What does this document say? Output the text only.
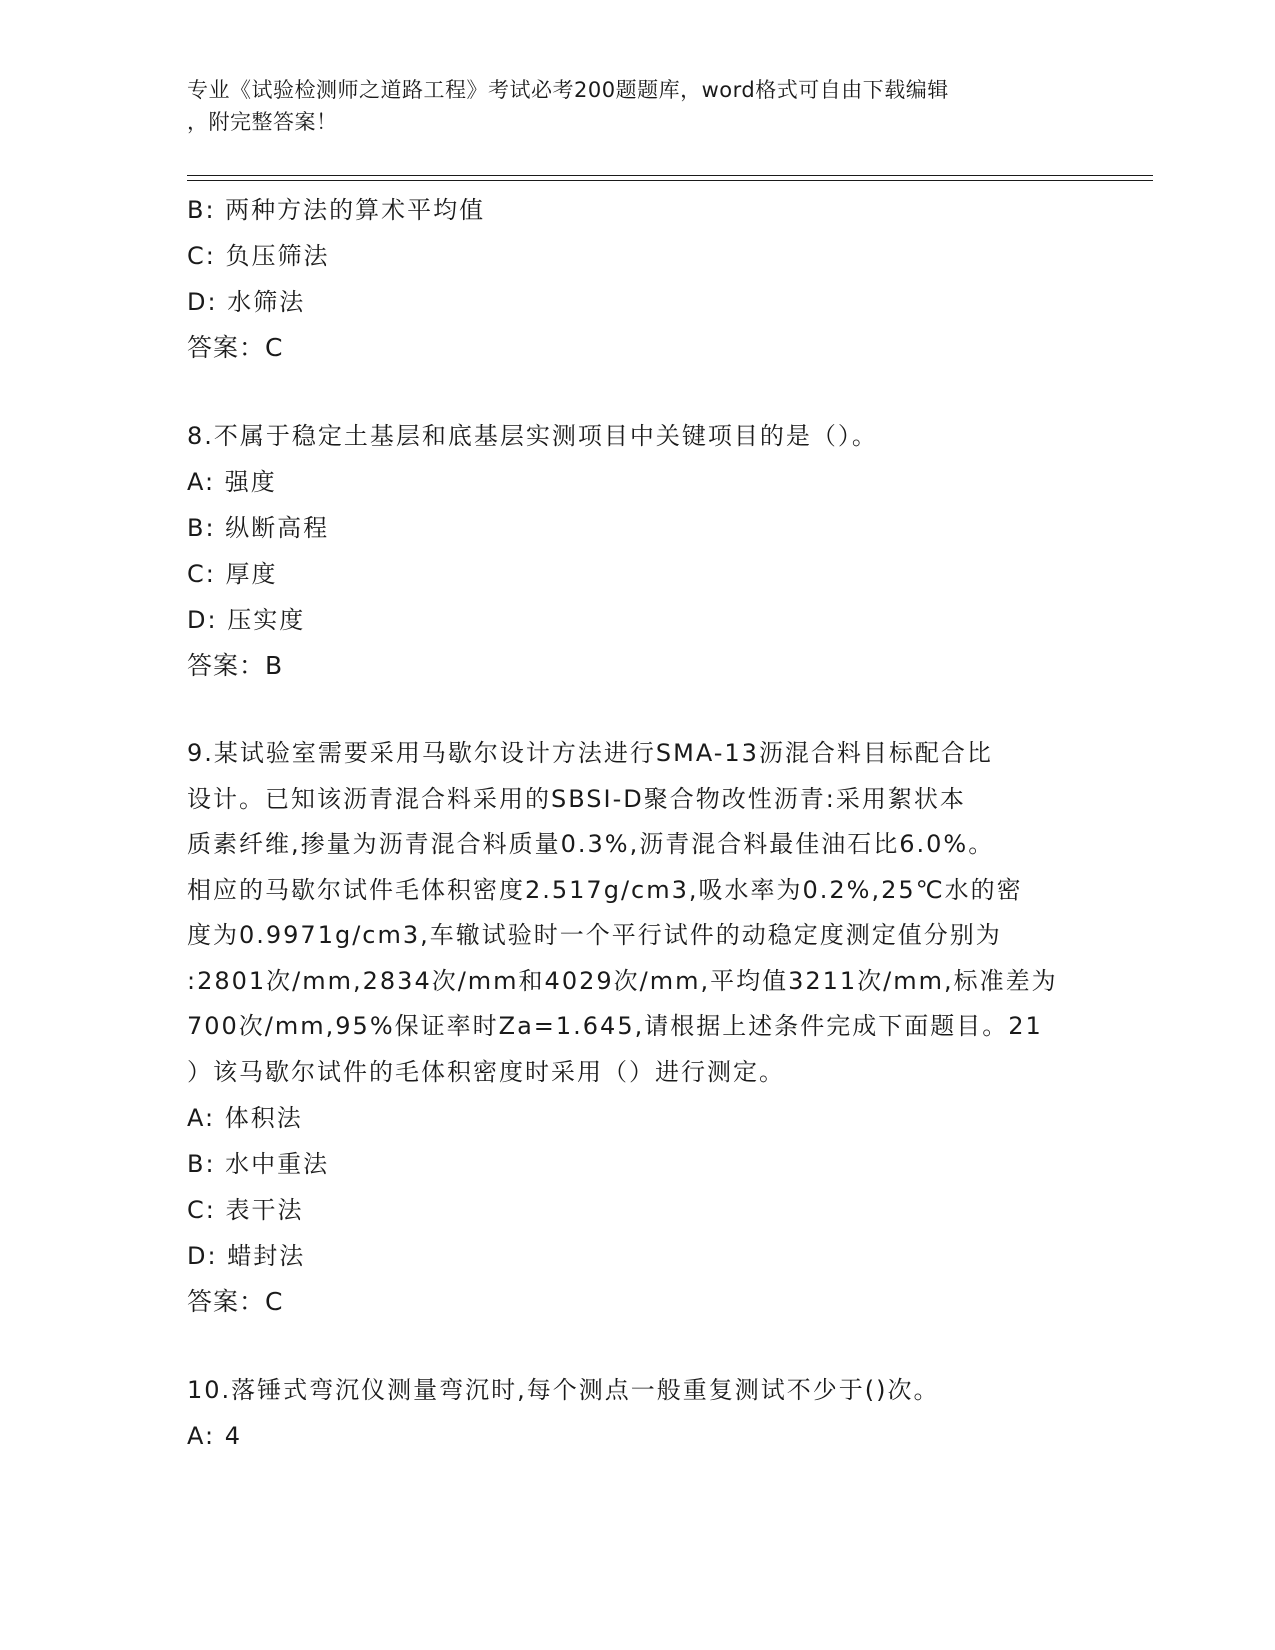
专业《试验检测师之道路工程》考试必考200题题库，word格式可自由下载编辑
，附完整答案！
B: 两种方法的算术平均值
C: 负压筛法
D: 水筛法
答案：C
8.不属于稳定土基层和底基层实测项目中关键项目的是（）。
A: 强度
B: 纵断高程
C: 厚度
D: 压实度
答案：B
9.某试验室需要采用马歇尔设计方法进行SMA-13沥混合料目标配合比
设计。已知该沥青混合料采用的SBSI-D聚合物改性沥青:采用絮状本
质素纤维,掺量为沥青混合料质量0.3%,沥青混合料最佳油石比6.0%。
相应的马歇尔试件毛体积密度2.517g/cm3,吸水率为0.2%,25℃水的密
度为0.9971g/cm3,车辙试验时一个平行试件的动稳定度测定值分别为
:2801次/mm,2834次/mm和4029次/mm,平均值3211次/mm,标准差为
700次/mm,95%保证率时Za=1.645,请根据上述条件完成下面题目。21
）该马歇尔试件的毛体积密度时采用（）进行测定。
A: 体积法
B: 水中重法
C: 表干法
D: 蜡封法
答案：C
10.落锤式弯沉仪测量弯沉时,每个测点一般重复测试不少于()次。
A: 4
